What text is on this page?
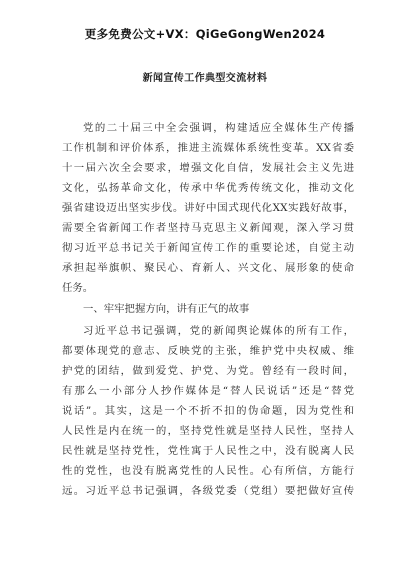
更多免费公文+VX：QiGeGongWen2024
新闻宣传工作典型交流材料
党的二十届三中全会强调，构建适应全媒体生产传播
工作机制和评价体系，推进主流媒体系统性变革。XX省委
十一届六次全会要求，增强文化自信，发展社会主义先进
文化，弘扬革命文化，传承中华优秀传统文化，推动文化
强省建设迈出坚实步伐。讲好中国式现代化XX实践好故事，
需要全省新闻工作者坚持马克思主义新闻观，深入学习贯
彻习近平总书记关于新闻宣传工作的重要论述，自觉主动
承担起举旗帜、聚民心、育新人、兴文化、展形象的使命
任务。
一、牢牢把握方向，讲有正气的故事
习近平总书记强调，党的新闻舆论媒体的所有工作，
都要体现党的意志、反映党的主张，维护党中央权威、维
护党的团结，做到爱党、护党、为党。曾经有一段时间，
有那么一小部分人抄作媒体是“替人民说话”还是“替党
说话”。其实，这是一个不折不扣的伪命题，因为党性和
人民性是内在统一的，坚持党性就是坚持人民性，坚持人
民性就是坚持党性，党性寓于人民性之中，没有脱离人民
性的党性，也没有脱离党性的人民性。心有所信，方能行
远。习近平总书记强调，各级党委（党组）要把做好宣传
